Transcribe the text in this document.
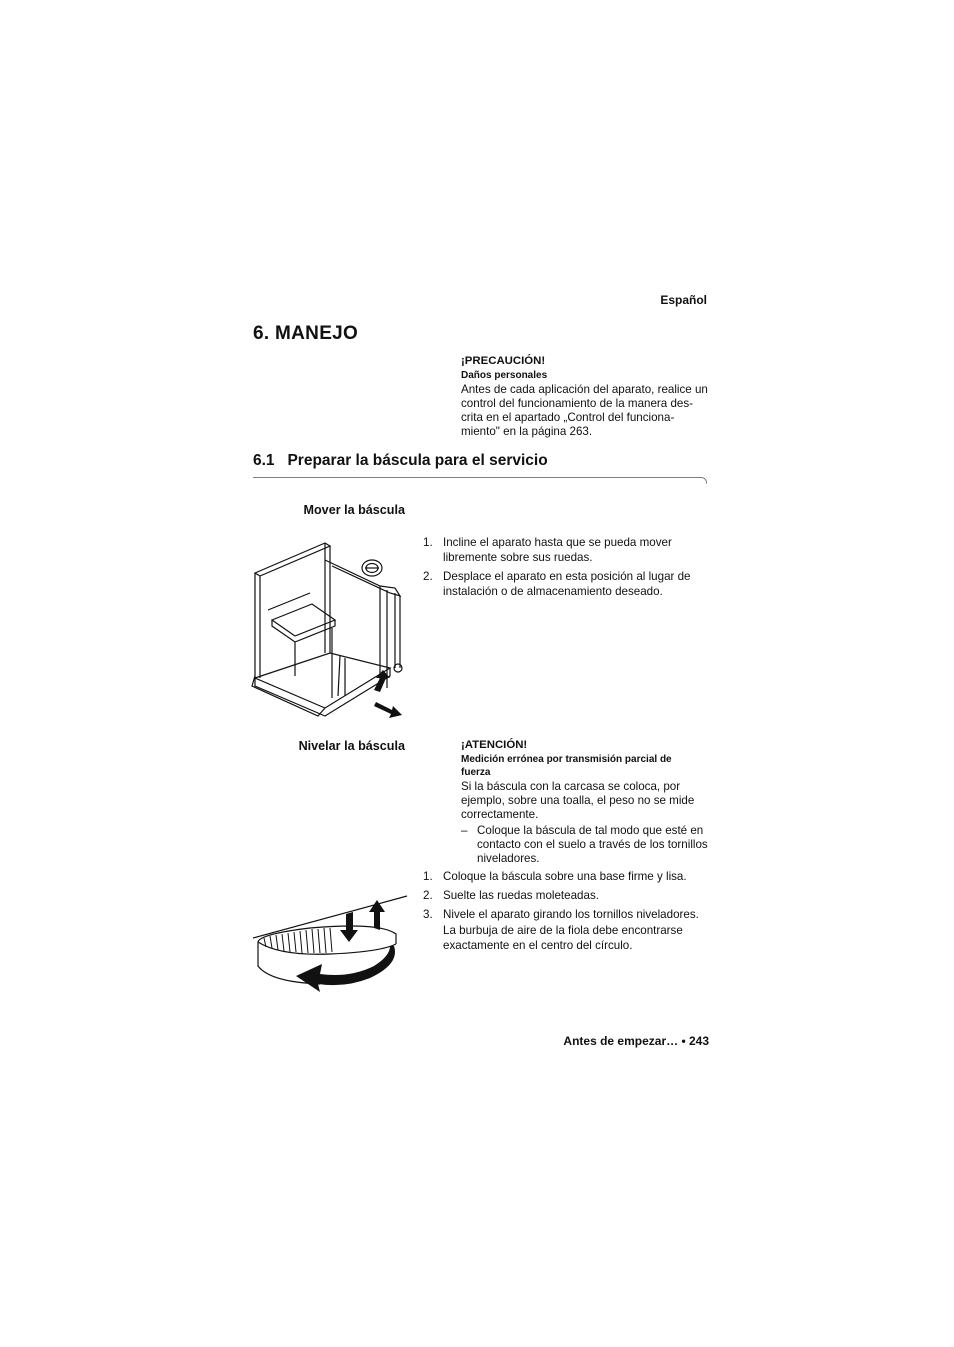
Español
6. MANEJO
¡PRECAUCIÓN!
Daños personales
Antes de cada aplicación del aparato, realice un
control del funcionamiento de la manera des-
crita en el apartado „Control del funciona-
miento" en la página 263.
6.1   Preparar la báscula para el servicio
Mover la báscula
1. Incline el aparato hasta que se pueda mover
libremente sobre sus ruedas.
2. Desplace el aparato en esta posición al lugar de
instalación o de almacenamiento deseado.
Nivelar la báscula	¡ATENCIÓN!
Medición errónea por transmisión parcial de
fuerza
Si la báscula con la carcasa se coloca, por
ejemplo, sobre una toalla, el peso no se mide
correctamente.
– Coloque la báscula de tal modo que esté en
contacto con el suelo a través de los tornillos
niveladores.
1. Coloque la báscula sobre una base firme y lisa.
2. Suelte las ruedas moleteadas.
3. Nivele el aparato girando los tornillos niveladores.
La burbuja de aire de la fiola debe encontrarse
exactamente en el centro del círculo.
Antes de empezar… • 243
